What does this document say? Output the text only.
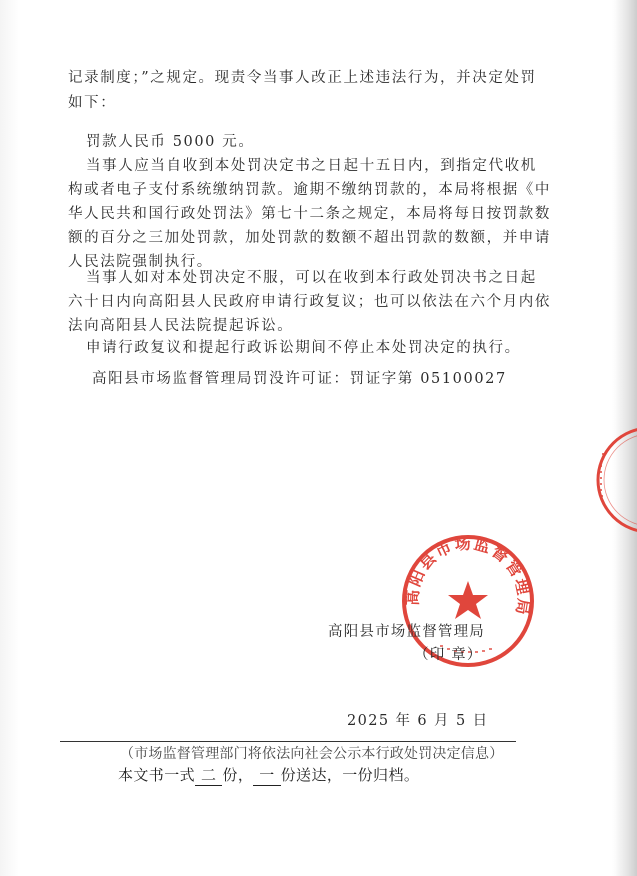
记录制度；”之规定。现责令当事人改正上述违法行为，并决定处罚
如下：
罚款人民币 5000 元。
当事人应当自收到本处罚决定书之日起十五日内，到指定代收机
构或者电子支付系统缴纳罚款。逾期不缴纳罚款的，本局将根据《中
华人民共和国行政处罚法》第七十二条之规定，本局将每日按罚款数
额的百分之三加处罚款，加处罚款的数额不超出罚款的数额，并申请
人民法院强制执行。
当事人如对本处罚决定不服，可以在收到本行政处罚决书之日起
六十日内向高阳县人民政府申请行政复议；也可以依法在六个月内依
法向高阳县人民法院提起诉讼。
申请行政复议和提起行政诉讼期间不停止本处罚决定的执行。
高阳县市场监督管理局罚没许可证：罚证字第 05100027
高阳县市场监督管理局
高阳县市场监督管理局
（印 章）
2025 年 6 月 5 日
（市场监督管理部门将依法向社会公示本行政处罚决定信息）
本文书一式 二 份， 一 份送达，一份归档。
